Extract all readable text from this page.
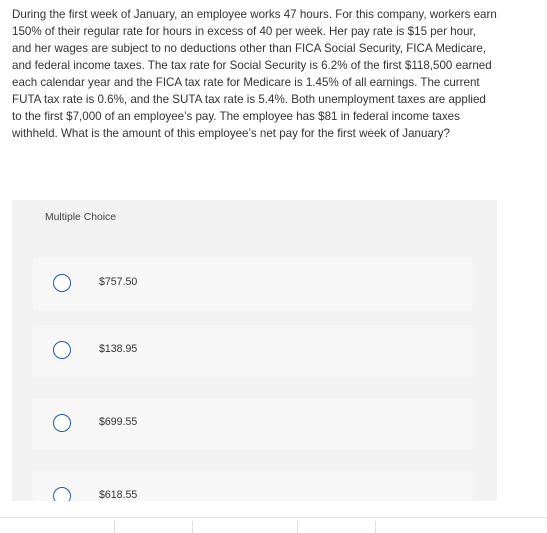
During the first week of January, an employee works 47 hours. For this company, workers earn 150% of their regular rate for hours in excess of 40 per week. Her pay rate is $15 per hour, and her wages are subject to no deductions other than FICA Social Security, FICA Medicare, and federal income taxes. The tax rate for Social Security is 6.2% of the first $118,500 earned each calendar year and the FICA tax rate for Medicare is 1.45% of all earnings. The current FUTA tax rate is 0.6%, and the SUTA tax rate is 5.4%. Both unemployment taxes are applied to the first $7,000 of an employee’s pay. The employee has $81 in federal income taxes withheld. What is the amount of this employee’s net pay for the first week of January?

Multiple Choice
$757.50
$138.95
$699.55
$618.55
